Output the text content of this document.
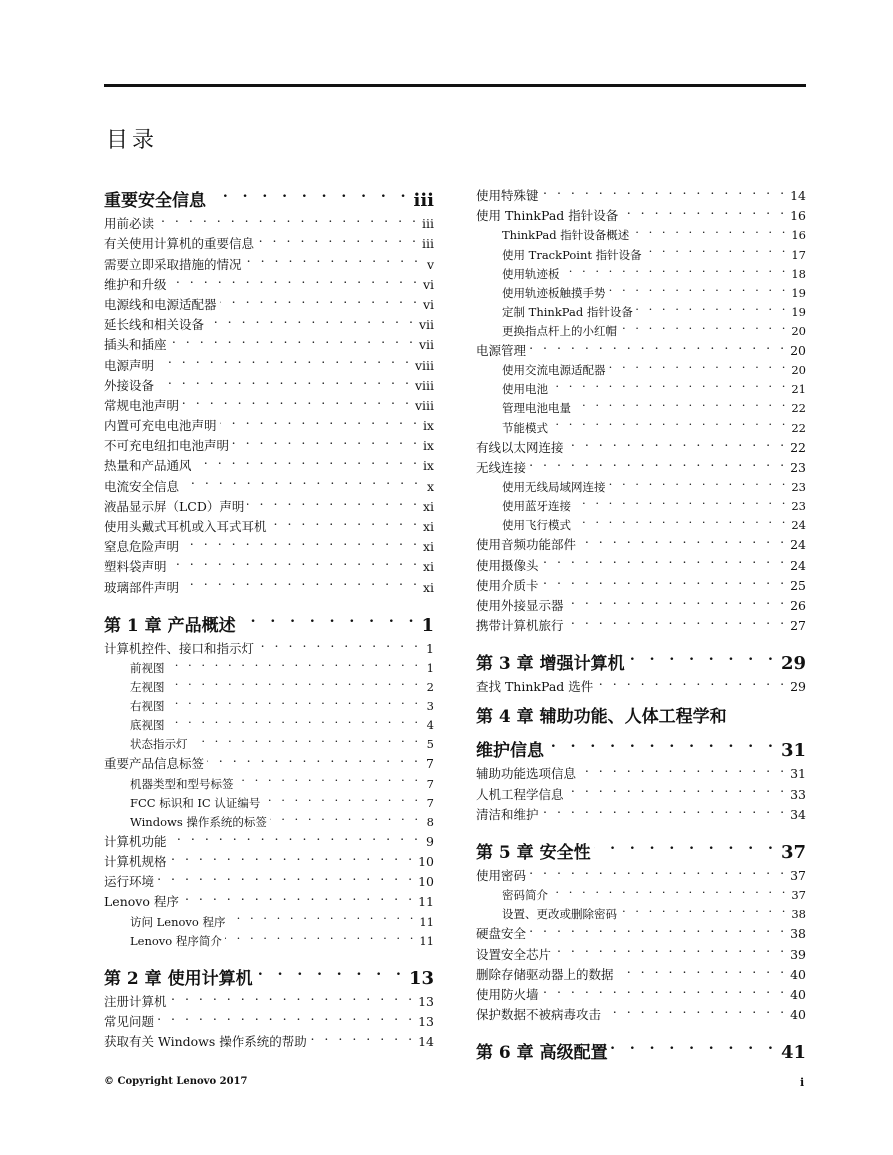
目录
重要安全信息 . . .	iii
用前必读 . . .	iii
有关使用计算机的重要信息 . . .	iii
需要立即采取措施的情况 . . .	v
维护和升级 . . .	vi
电源线和电源适配器 . . .	vi
延长线和相关设备 . . .	vii
插头和插座 . . .	vii
电源声明 . . .	viii
外接设备 . . .	viii
常规电池声明 . . .	viii
内置可充电电池声明 . . .	ix
不可充电纽扣电池声明 . . .	ix
热量和产品通风 . . .	ix
电流安全信息 . . .	x
液晶显示屏（LCD）声明 . . .	xi
使用头戴式耳机或入耳式耳机 . . .	xi
窒息危险声明 . . .	xi
塑料袋声明 . . .	xi
玻璃部件声明 . . .	xi
第 1 章 产品概述 . . .	1
计算机控件、接口和指示灯 . . .	1
前视图 . . .	1
左视图 . . .	2
右视图 . . .	3
底视图 . . .	4
状态指示灯 . . .	5
重要产品信息标签 . . .	7
机器类型和型号标签 . . .	7
FCC 标识和 IC 认证编号 . . .	7
Windows 操作系统的标签 . . .	8
计算机功能 . . .	9
计算机规格 . . .	10
运行环境 . . .	10
Lenovo 程序 . . .	11
访问 Lenovo 程序 . . .	11
Lenovo 程序简介 . . .	11
第 2 章 使用计算机 . . .	13
注册计算机 . . .	13
常见问题 . . .	13
获取有关 Windows 操作系统的帮助 . . .	14
使用特殊键 . . .	14
使用 ThinkPad 指针设备 . . .	16
ThinkPad 指针设备概述 . . .	16
使用 TrackPoint 指针设备 . . .	17
使用轨迹板 . . .	18
使用轨迹板触摸手势 . . .	19
定制 ThinkPad 指针设备 . . .	19
更换指点杆上的小红帽 . . .	20
电源管理 . . .	20
使用交流电源适配器 . . .	20
使用电池 . . .	21
管理电池电量 . . .	22
节能模式 . . .	22
有线以太网连接 . . .	22
无线连接 . . .	23
使用无线局域网连接 . . .	23
使用蓝牙连接 . . .	23
使用飞行模式 . . .	24
使用音频功能部件 . . .	24
使用摄像头 . . .	24
使用介质卡 . . .	25
使用外接显示器 . . .	26
携带计算机旅行 . . .	27
第 3 章 增强计算机 . . .	29
查找 ThinkPad 选件 . . .	29
第 4 章 辅助功能、人体工程学和
维护信息 . . .	31
辅助功能选项信息 . . .	31
人机工程学信息 . . .	33
清洁和维护 . . .	34
第 5 章 安全性 . . .	37
使用密码 . . .	37
密码简介 . . .	37
设置、更改或删除密码 . . .	38
硬盘安全 . . .	38
设置安全芯片 . . .	39
删除存储驱动器上的数据 . . .	40
使用防火墙 . . .	40
保护数据不被病毒攻击 . . .	40
第 6 章 高级配置 . . .	41
© Copyright Lenovo 2017	i
